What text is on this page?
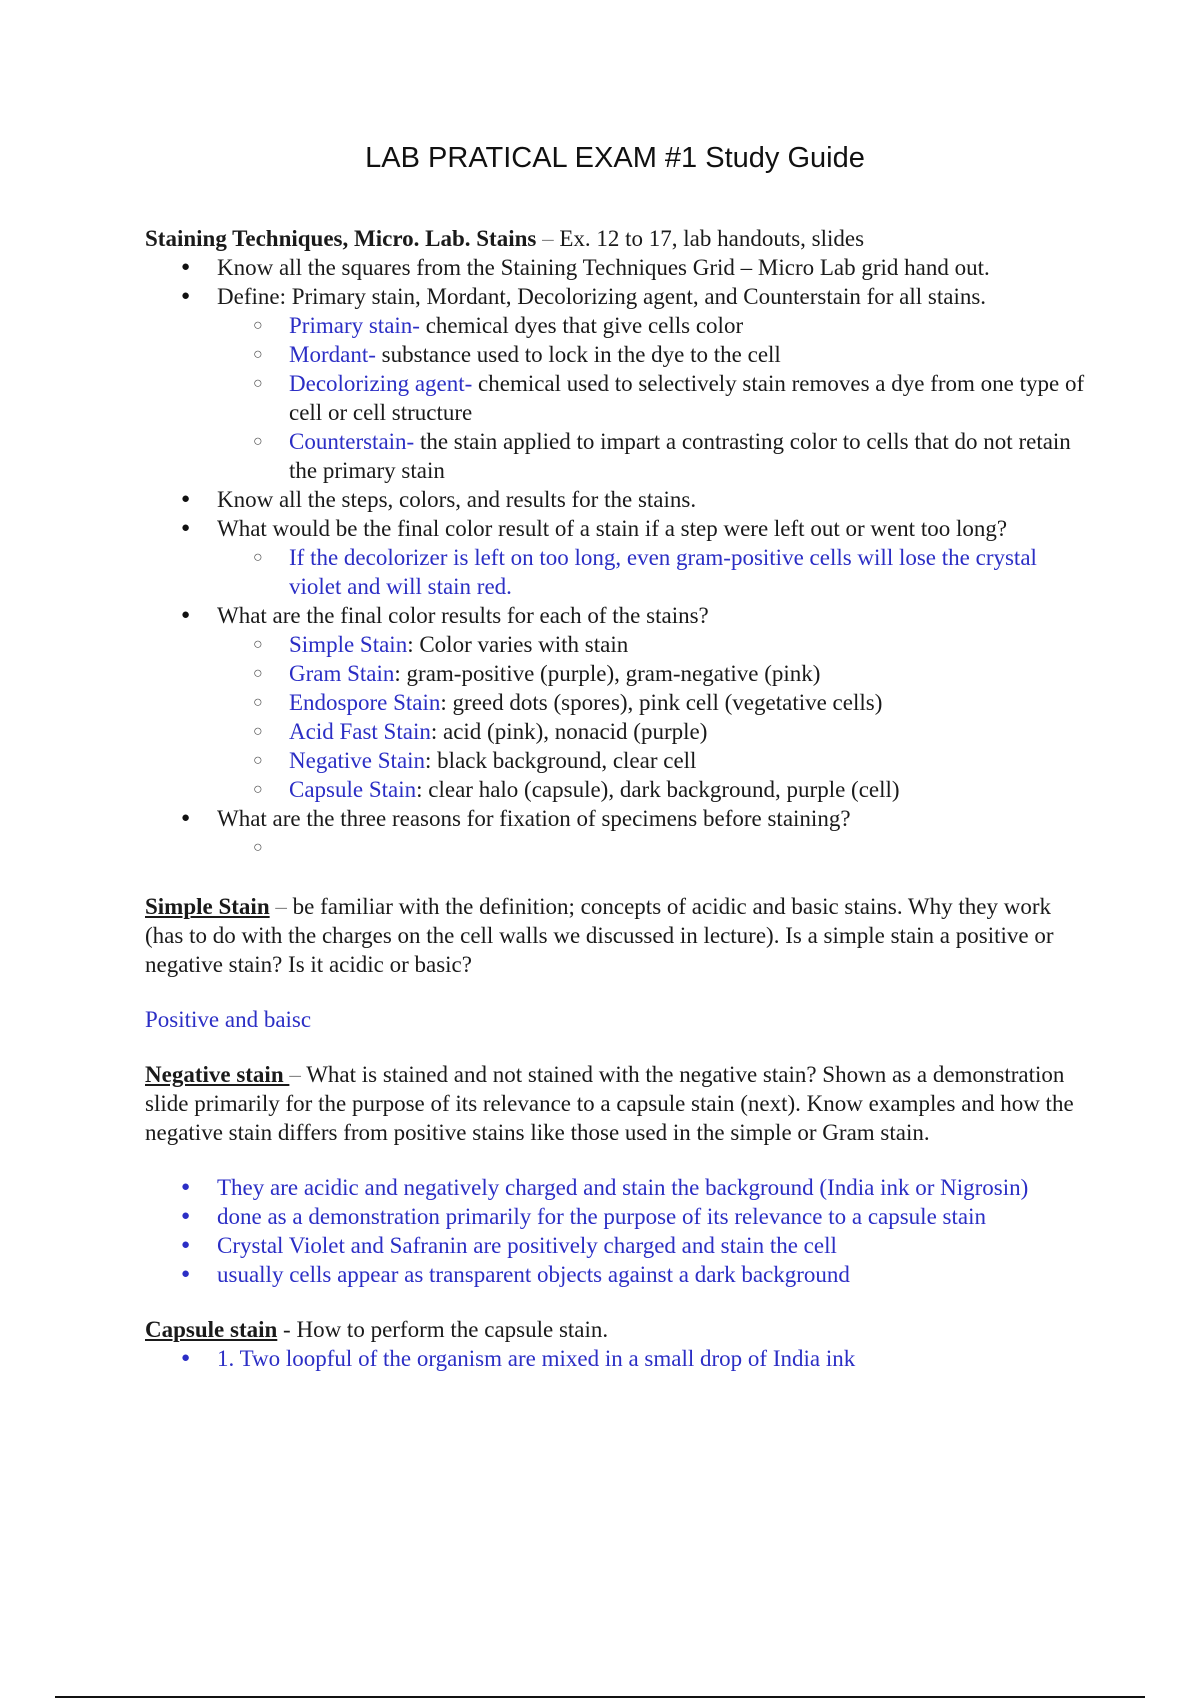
LAB PRATICAL EXAM #1 Study Guide

Staining Techniques, Micro. Lab. Stains – Ex. 12 to 17, lab handouts, slides

● Know all the squares from the Staining Techniques Grid – Micro Lab grid hand out.
● Define: Primary stain, Mordant, Decolorizing agent, and Counterstain for all stains.
○ Primary stain- chemical dyes that give cells color
○ Mordant- substance used to lock in the dye to the cell
○ Decolorizing agent- chemical used to selectively stain removes a dye from one type of cell or cell structure
○ Counterstain- the stain applied to impart a contrasting color to cells that do not retain the primary stain
● Know all the steps, colors, and results for the stains.
● What would be the final color result of a stain if a step were left out or went too long?
○ If the decolorizer is left on too long, even gram-positive cells will lose the crystal violet and will stain red.
● What are the final color results for each of the stains?
○ Simple Stain: Color varies with stain
○ Gram Stain: gram-positive (purple), gram-negative (pink)
○ Endospore Stain: greed dots (spores), pink cell (vegetative cells)
○ Acid Fast Stain: acid (pink), nonacid (purple)
○ Negative Stain: black background, clear cell
○ Capsule Stain: clear halo (capsule), dark background, purple (cell)
● What are the three reasons for fixation of specimens before staining?
○

Simple Stain – be familiar with the definition; concepts of acidic and basic stains. Why they work (has to do with the charges on the cell walls we discussed in lecture). Is a simple stain a positive or negative stain? Is it acidic or basic?

Positive and baisc

Negative stain – What is stained and not stained with the negative stain? Shown as a demonstration slide primarily for the purpose of its relevance to a capsule stain (next). Know examples and how the negative stain differs from positive stains like those used in the simple or Gram stain.

● They are acidic and negatively charged and stain the background (India ink or Nigrosin)
● done as a demonstration primarily for the purpose of its relevance to a capsule stain
● Crystal Violet and Safranin are positively charged and stain the cell
● usually cells appear as transparent objects against a dark background

Capsule stain - How to perform the capsule stain.

● 1. Two loopful of the organism are mixed in a small drop of India ink
